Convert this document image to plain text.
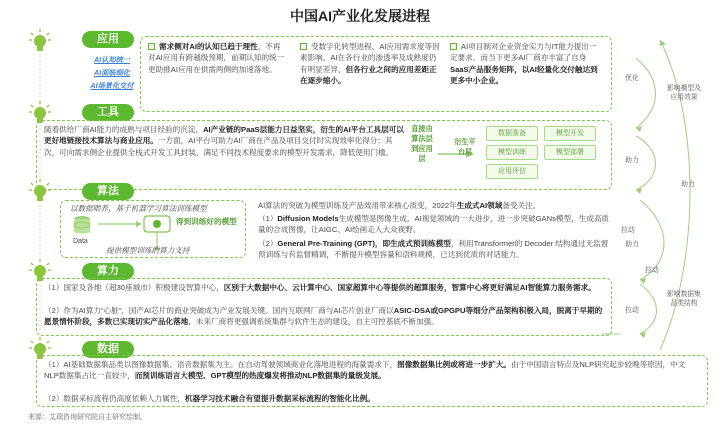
中国AI产业化发展进程
应用
AI认知统一
AI面临细化
AI场景化交付
需求侧对AI的认知已趋于理性，不再对AI应用有跨越级预期，前期认知的统一更助推AI应用在供需两侧的加速落地。
受数字化转型进程、AI应用需求度等因素影响，AI在各行业的渗透率及成熟度仍有明显差异，但各行业之间的应用差距正在逐步缩小。
AI项目制对企业资金实力与IT能力提出一定要求，而当下更多AI厂商亦丰富了自身SaaS产品服务矩阵，以AI轻量化交付触达到更多中小企业。
工具
随着供给厂商AI能力的成熟与项目经验的沉淀，AI产业链的PaaS层能力日益坚实，衍生的AI平台工具层可以更好地链接技术算法与商业应用。一方面，AI平台可助力AI厂商在产品及项目交付时实现效率化得分；其次，可向需求侧企业提供全栈式开发工具封装，满足不同技术程度要求的模型开发需求，降低使用门槛。
直接由算法层到应用层
衍生平台层
数据准备	模型开发
模型训练	模型部署
应用评估
算法
以数据喂养，基于机器学习算法训练模型
Data
得到训练好的模型
提供模型训练的算力支持
AI算法的突破为模型训练及产品效用带来核心质变，2022年生成式AI领域备受关注。
（1）Diffusion Models生成模型是图像生成，AI视觉领域的一大进步，进一步突破GANs模型，生成高质量的合成图像，让AIGC、AI绘画走入大众视野。
（2）General Pre-Training (GPT)，即生成式预训练模型，利用Transformer的 Decoder 结构通过无监督预训练与有监督精调，不断提升模型容量和语料规模，已达到优质的对话能力。
算力
（1）国家及各地（超30座城市）积极建设智算中心，区别于大数据中心、云计算中心、国家超算中心等提供的超算服务，智算中心将更好满足AI智能算力服务需求。
（2）作为AI算力“心脏”，国产AI芯片的商业突破成为产业发展关键。国内互联网厂商与AI芯片创业厂商以ASIC-DSA或GPGPU等细分产品架构积极入局，脱离于早期的愿景情怀阶段，多数已实现切实产品化落地，未来厂商将更强调系统集群与软件生态的建设，自主可控基底不断加强。
数据
（1）AI基础数据集品类以图像数据集、语音数据集为主。在自动驾驶领域商业化落地进程的海量需求下，图像数据集比例或将进一步扩大。由于中国语言特点及NLP研究起步较晚等原因，中文NLP数据集占比一直较少，而预训练语言大模型、GPT模型的热度爆发将推动NLP数据集的量级发展。
（2）数据采标流程仍高度依赖人力属性，机器学习技术融合有望提升数据采标流程的智能化比例。
影响模型及应用效果
影响数据集品类结构
优化
助力
助力
助力
拉动
拉动
拉动
来源：艾瑞咨询研究院自主研究绘制。
